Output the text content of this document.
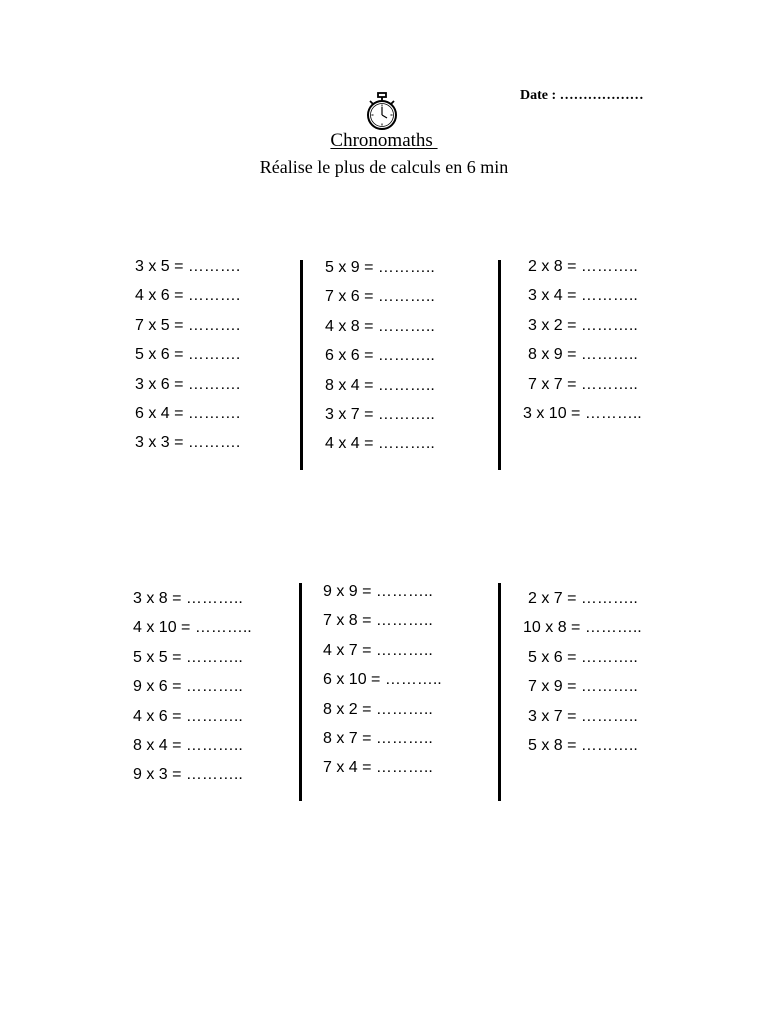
Date : ………………
Chronomaths
Réalise le plus de calculs en 6 min
3 x 5 = ……….
4 x 6 = ……….
7 x 5 = ……….
5 x 6 = ……….
3 x 6 = ……….
6 x 4 = ……….
3 x 3 = ……….
5 x 9 = ………..
7 x 6 = ………..
4 x 8 = ………..
6 x 6 = ………..
8 x 4 = ………..
3 x 7 = ………..
4 x 4 = ………..
2 x 8 = ………..
3 x 4 = ………..
3 x 2 = ………..
8 x 9 = ………..
7 x 7 = ………..
3 x 10 = ………..
3 x 8 = ………..
4 x 10 = ………..
5 x 5 = ………..
9 x 6 = ………..
4 x 6 = ………..
8 x 4 = ………..
9 x 3 = ………..
9 x 9 = ………..
7 x 8 = ………..
4 x 7 = ………..
6 x 10 = ………..
8 x 2 = ………..
8 x 7 = ………..
7 x 4 = ………..
2 x 7 = ………..
10 x 8 = ………..
5 x 6 = ………..
7 x 9 = ………..
3 x 7 = ………..
5 x 8 = ………..
